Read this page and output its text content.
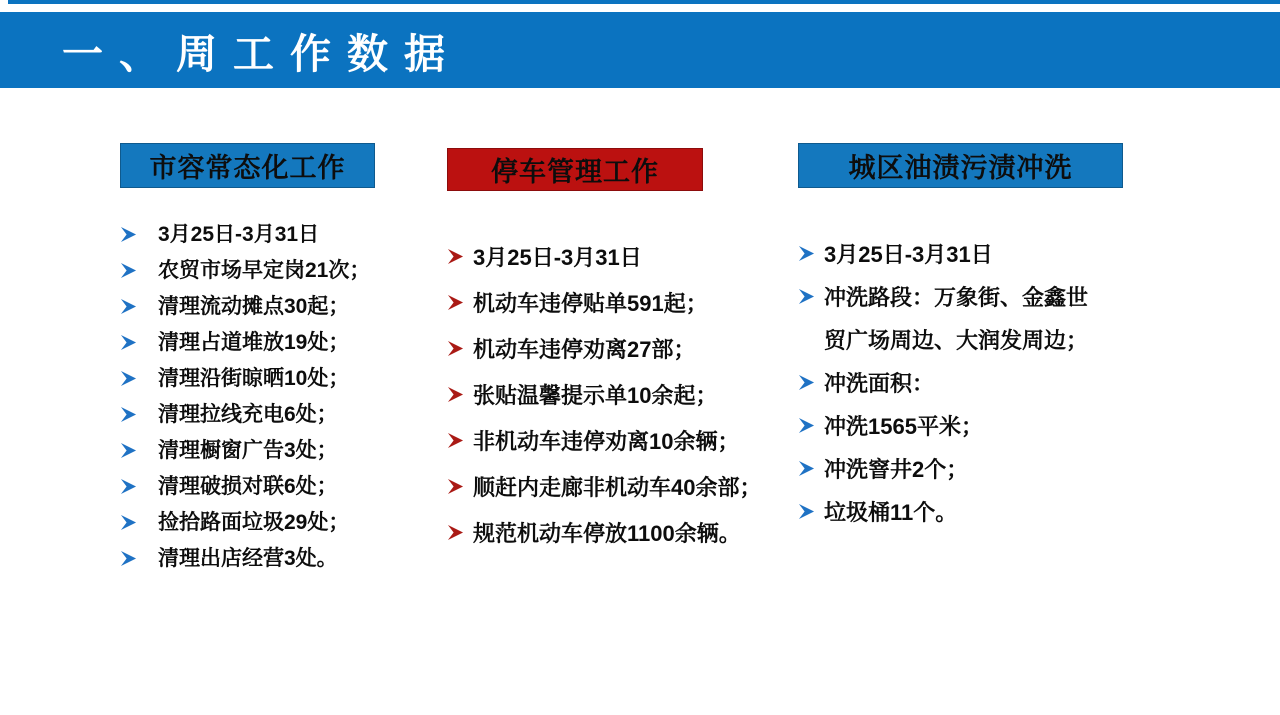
一、周工作数据
市容常态化工作
3月25日-3月31日
农贸市场早定岗21次；
清理流动摊点30起；
清理占道堆放19处；
清理沿街晾晒10处；
清理拉线充电6处；
清理橱窗广告3处；
清理破损对联6处；
捡拾路面垃圾29处；
清理出店经营3处。
停车管理工作
3月25日-3月31日
机动车违停贴单591起；
机动车违停劝离27部；
张贴温馨提示单10余起；
非机动车违停劝离10余辆；
顺赶内走廊非机动车40余部；
规范机动车停放1100余辆。
城区油渍污渍冲洗
3月25日-3月31日
冲洗路段：万象街、金鑫世贸广场周边、大润发周边；
冲洗面积：
冲洗1565平米；
冲洗窨井2个；
垃圾桶11个。
